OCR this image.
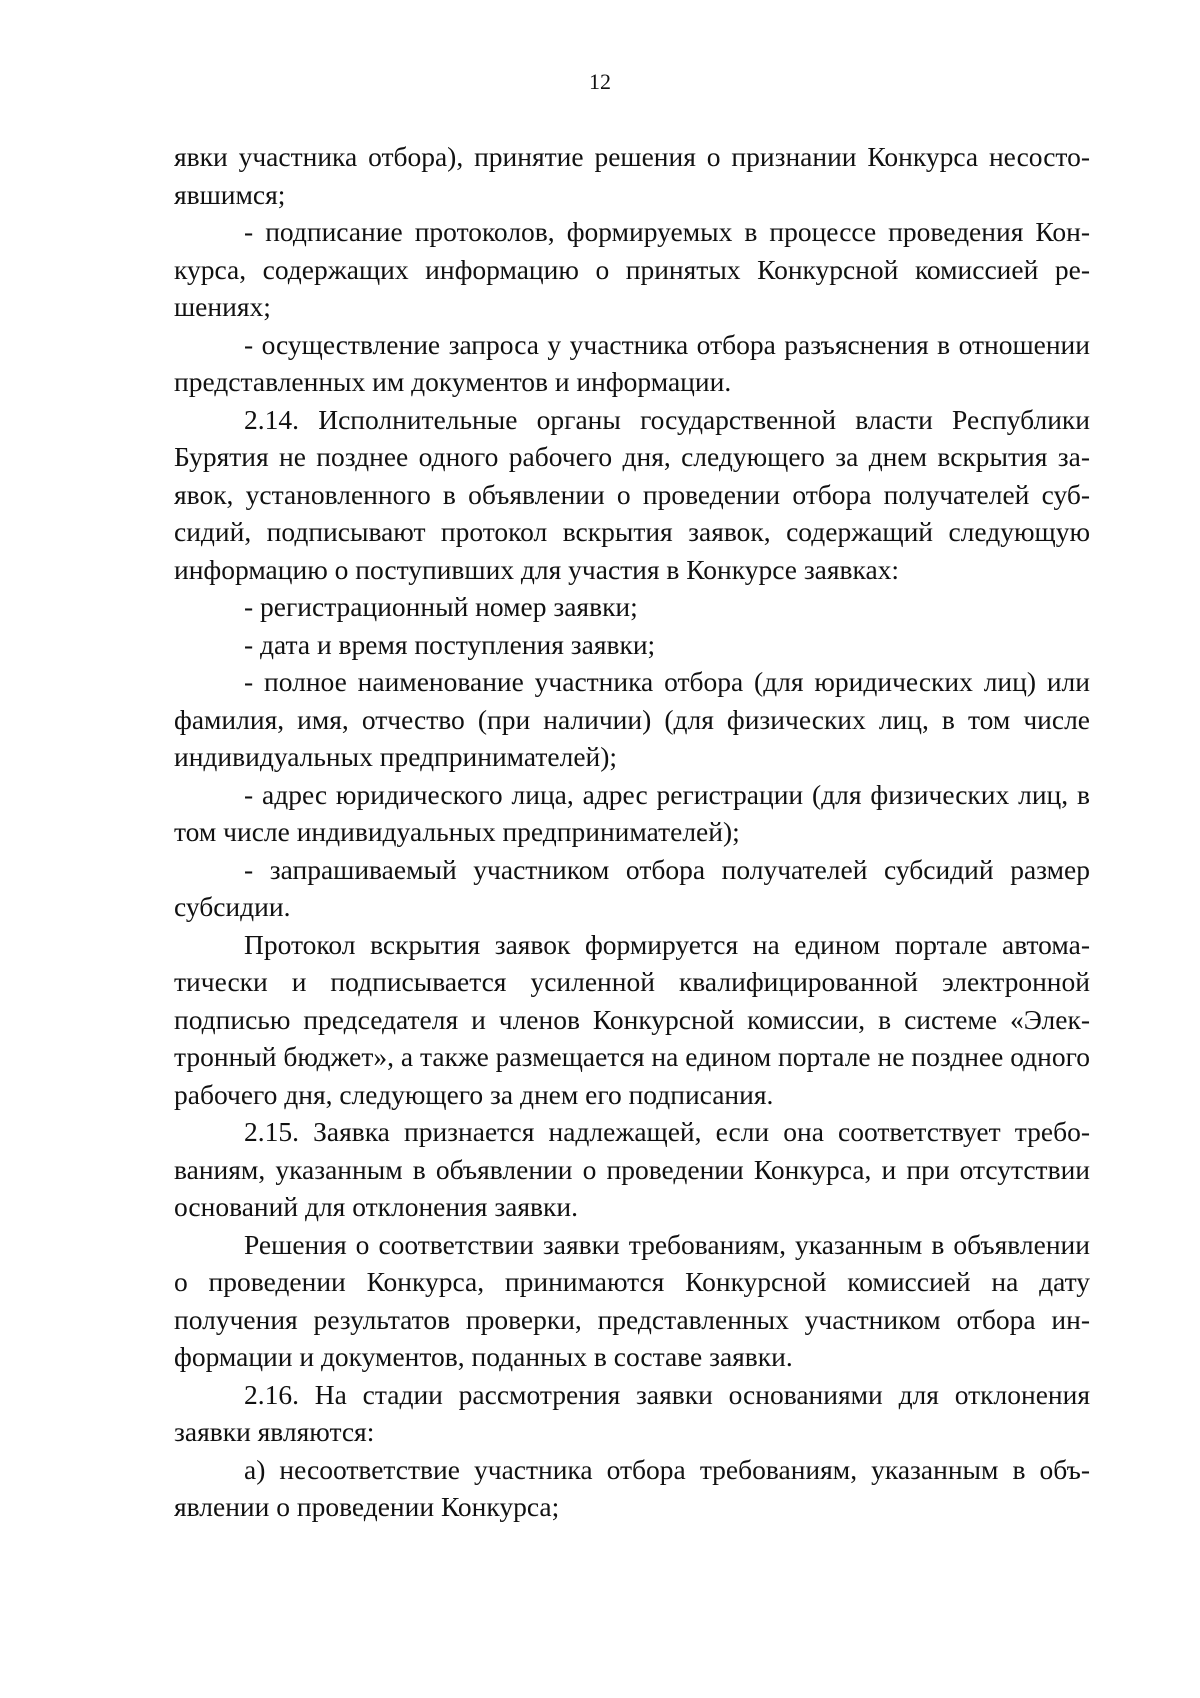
12

явки участника отбора), принятие решения о признании Конкурса несостоявшимся;

- подписание протоколов, формируемых в процессе проведения Конкурса, содержащих информацию о принятых Конкурсной комиссией решениях;

- осуществление запроса у участника отбора разъяснения в отношении представленных им документов и информации.

2.14. Исполнительные органы государственной власти Республики Бурятия не позднее одного рабочего дня, следующего за днем вскрытия заявок, установленного в объявлении о проведении отбора получателей субсидий, подписывают протокол вскрытия заявок, содержащий следующую информацию о поступивших для участия в Конкурсе заявках:

- регистрационный номер заявки;

- дата и время поступления заявки;

- полное наименование участника отбора (для юридических лиц) или фамилия, имя, отчество (при наличии) (для физических лиц, в том числе индивидуальных предпринимателей);

- адрес юридического лица, адрес регистрации (для физических лиц, в том числе индивидуальных предпринимателей);

- запрашиваемый участником отбора получателей субсидий размер субсидии.

Протокол вскрытия заявок формируется на едином портале автоматически и подписывается усиленной квалифицированной электронной подписью председателя и членов Конкурсной комиссии, в системе «Электронный бюджет», а также размещается на едином портале не позднее одного рабочего дня, следующего за днем его подписания.

2.15. Заявка признается надлежащей, если она соответствует требованиям, указанным в объявлении о проведении Конкурса, и при отсутствии оснований для отклонения заявки.

Решения о соответствии заявки требованиям, указанным в объявлении о проведении Конкурса, принимаются Конкурсной комиссией на дату получения результатов проверки, представленных участником отбора информации и документов, поданных в составе заявки.

2.16. На стадии рассмотрения заявки основаниями для отклонения заявки являются:

а) несоответствие участника отбора требованиям, указанным в объявлении о проведении Конкурса;
